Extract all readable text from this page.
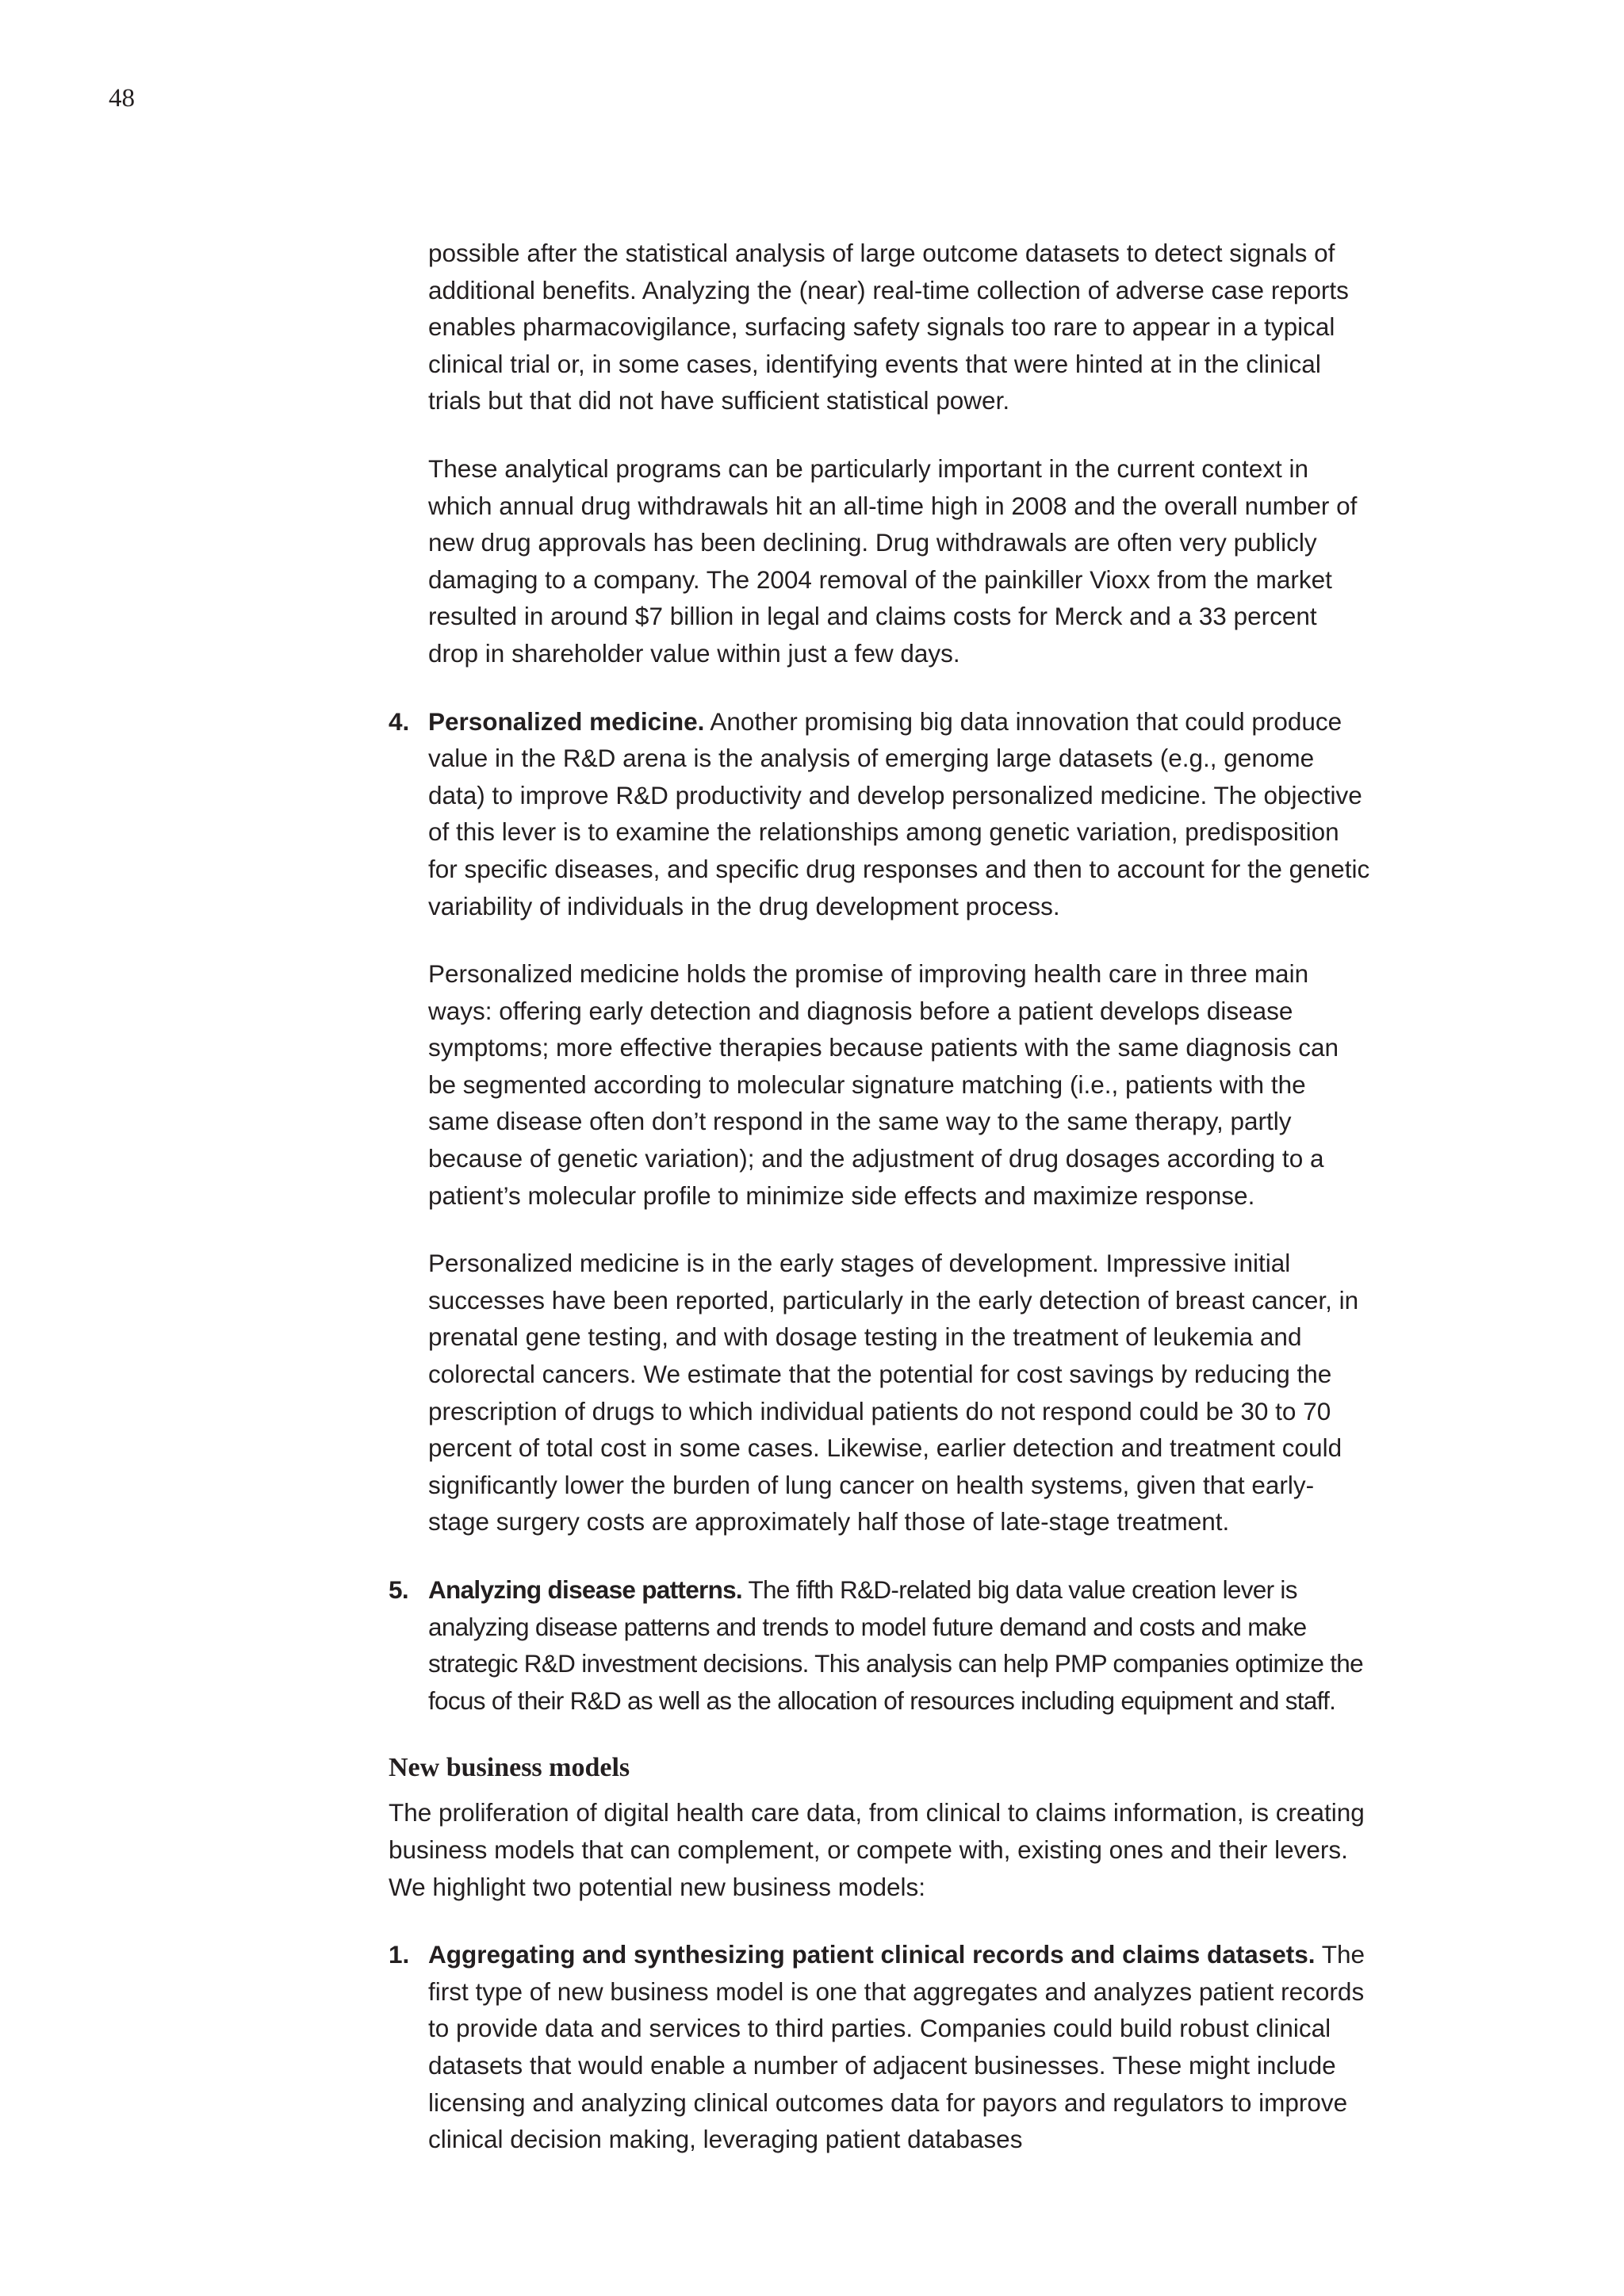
48

possible after the statistical analysis of large outcome datasets to detect signals of additional benefits. Analyzing the (near) real-time collection of adverse case reports enables pharmacovigilance, surfacing safety signals too rare to appear in a typical clinical trial or, in some cases, identifying events that were hinted at in the clinical trials but that did not have sufficient statistical power.

These analytical programs can be particularly important in the current context in which annual drug withdrawals hit an all-time high in 2008 and the overall number of new drug approvals has been declining. Drug withdrawals are often very publicly damaging to a company. The 2004 removal of the painkiller Vioxx from the market resulted in around $7 billion in legal and claims costs for Merck and a 33 percent drop in shareholder value within just a few days.

4. Personalized medicine. Another promising big data innovation that could produce value in the R&D arena is the analysis of emerging large datasets (e.g., genome data) to improve R&D productivity and develop personalized medicine. The objective of this lever is to examine the relationships among genetic variation, predisposition for specific diseases, and specific drug responses and then to account for the genetic variability of individuals in the drug development process.

Personalized medicine holds the promise of improving health care in three main ways: offering early detection and diagnosis before a patient develops disease symptoms; more effective therapies because patients with the same diagnosis can be segmented according to molecular signature matching (i.e., patients with the same disease often don’t respond in the same way to the same therapy, partly because of genetic variation); and the adjustment of drug dosages according to a patient’s molecular profile to minimize side effects and maximize response.

Personalized medicine is in the early stages of development. Impressive initial successes have been reported, particularly in the early detection of breast cancer, in prenatal gene testing, and with dosage testing in the treatment of leukemia and colorectal cancers. We estimate that the potential for cost savings by reducing the prescription of drugs to which individual patients do not respond could be 30 to 70 percent of total cost in some cases. Likewise, earlier detection and treatment could significantly lower the burden of lung cancer on health systems, given that early-stage surgery costs are approximately half those of late-stage treatment.

5. Analyzing disease patterns. The fifth R&D-related big data value creation lever is analyzing disease patterns and trends to model future demand and costs and make strategic R&D investment decisions. This analysis can help PMP companies optimize the focus of their R&D as well as the allocation of resources including equipment and staff.
New business models

The proliferation of digital health care data, from clinical to claims information, is creating business models that can complement, or compete with, existing ones and their levers. We highlight two potential new business models:

1. Aggregating and synthesizing patient clinical records and claims datasets. The first type of new business model is one that aggregates and analyzes patient records to provide data and services to third parties. Companies could build robust clinical datasets that would enable a number of adjacent businesses. These might include licensing and analyzing clinical outcomes data for payors and regulators to improve clinical decision making, leveraging patient databases
